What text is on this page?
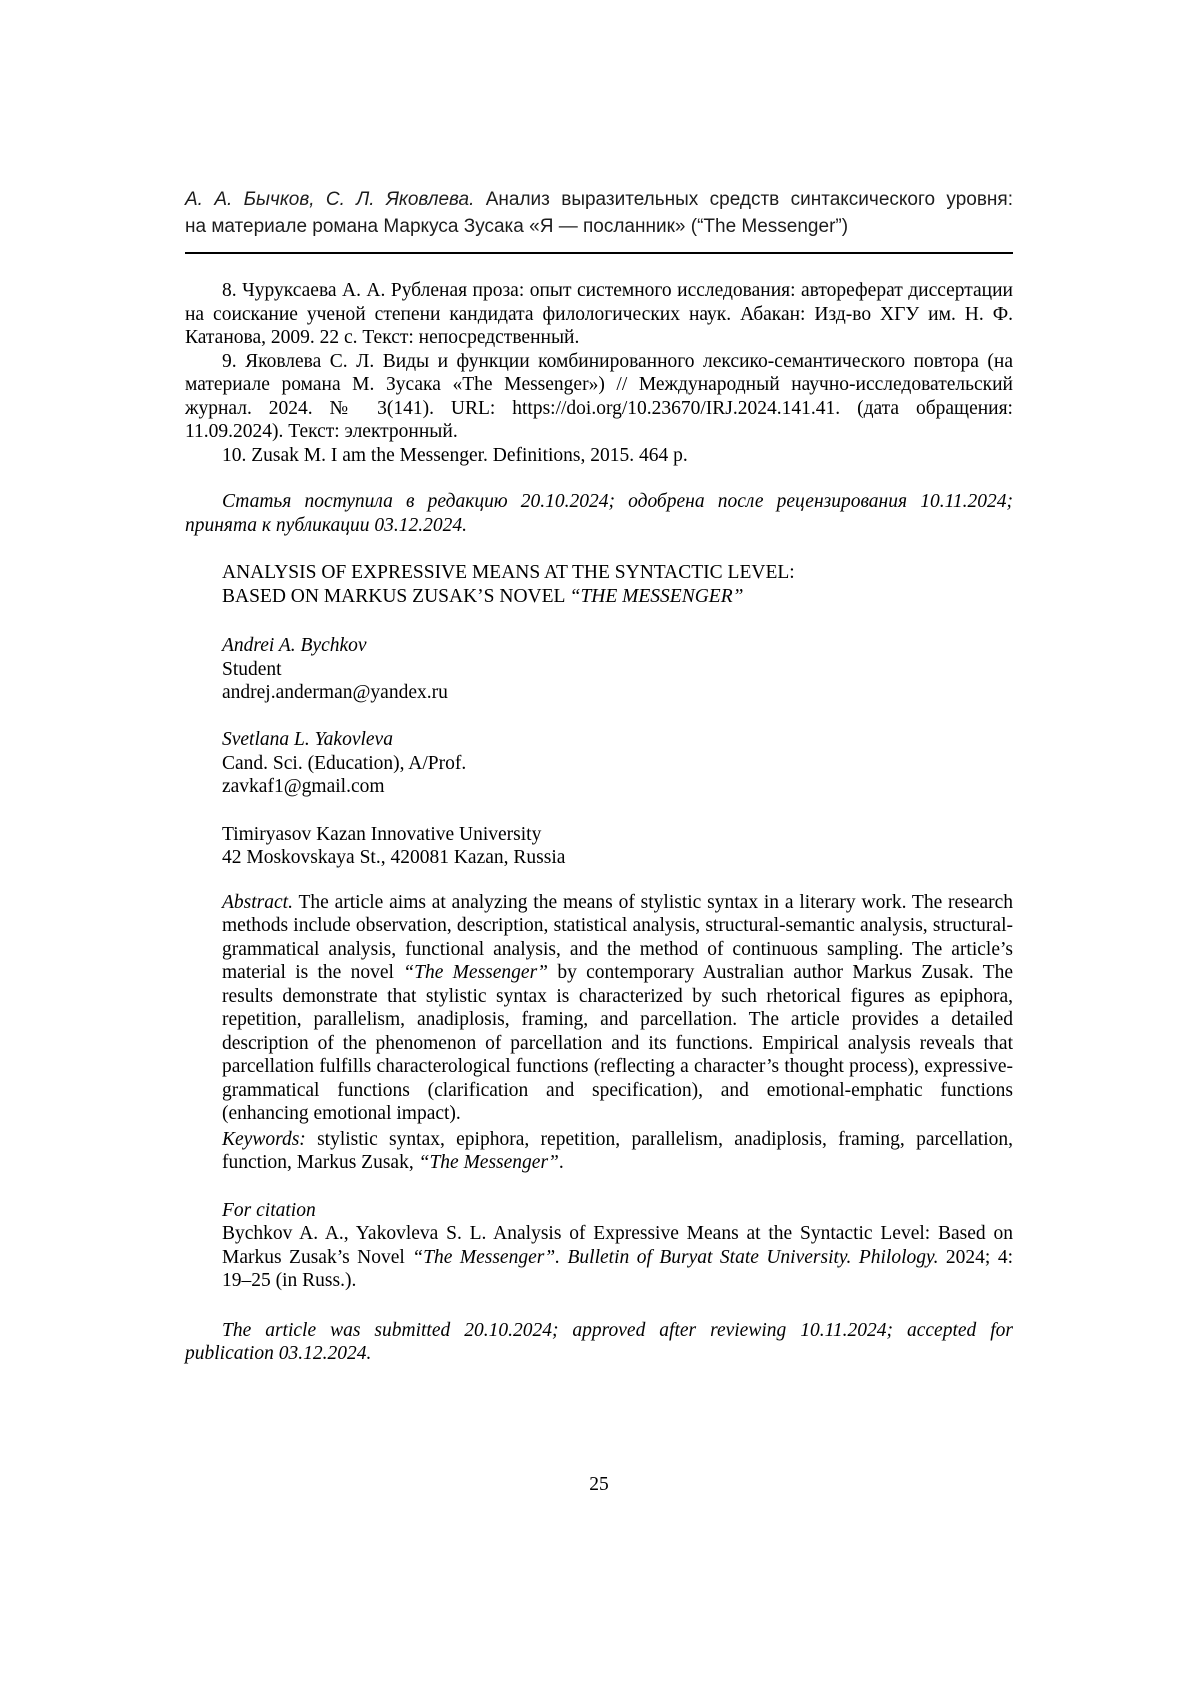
А. А. Бычков, С. Л. Яковлева. Анализ выразительных средств синтаксического уровня:

на материале романа Маркуса Зусака «Я — посланник» (“The Messenger”)

8. Чуруксаева А. А. Рубленая проза: опыт системного исследования: автореферат диссертации на соискание ученой степени кандидата филологических наук. Абакан: Изд-во ХГУ им. Н. Ф. Катанова, 2009. 22 с. Текст: непосредственный.

9. Яковлева С. Л. Виды и функции комбинированного лексико-семантического повтора (на материале романа М. Зусака «The Messenger») // Международный научно-исследовательский журнал. 2024. № 3(141). URL: https://doi.org/10.23670/IRJ.2024.141.41. (дата обращения: 11.09.2024). Текст: электронный.

10. Zusak M. I am the Messenger. Definitions, 2015. 464 p.

Статья поступила в редакцию 20.10.2024; одобрена после рецензирования 10.11.2024; принята к публикации 03.12.2024.

ANALYSIS OF EXPRESSIVE MEANS AT THE SYNTACTIC LEVEL:

BASED ON MARKUS ZUSAK’S NOVEL “THE MESSENGER”

Andrei A. Bychkov

Student

andrej.anderman@yandex.ru

Svetlana L. Yakovleva

Cand. Sci. (Education), A/Prof.

zavkaf1@gmail.com

Timiryasov Kazan Innovative University

42 Moskovskaya St., 420081 Kazan, Russia

Abstract. The article aims at analyzing the means of stylistic syntax in a literary work. The research methods include observation, description, statistical analysis, structural-semantic analysis, structural-grammatical analysis, functional analysis, and the method of continuous sampling. The article’s material is the novel “The Messenger” by contemporary Australian author Markus Zusak. The results demonstrate that stylistic syntax is characterized by such rhetorical figures as epiphora, repetition, parallelism, anadiplosis, framing, and parcellation. The article provides a detailed description of the phenomenon of parcellation and its functions. Empirical analysis reveals that parcellation fulfills characterological functions (reflecting a character’s thought process), expressive-grammatical functions (clarification and specification), and emotional-emphatic functions (enhancing emotional impact).

Keywords: stylistic syntax, epiphora, repetition, parallelism, anadiplosis, framing, parcellation, function, Markus Zusak, “The Messenger”.

For citation

Bychkov A. A., Yakovleva S. L. Analysis of Expressive Means at the Syntactic Level: Based on Markus Zusak’s Novel “The Messenger”. Bulletin of Buryat State University. Philology. 2024; 4: 19–25 (in Russ.).

The article was submitted 20.10.2024; approved after reviewing 10.11.2024; accepted for publication 03.12.2024.

25
